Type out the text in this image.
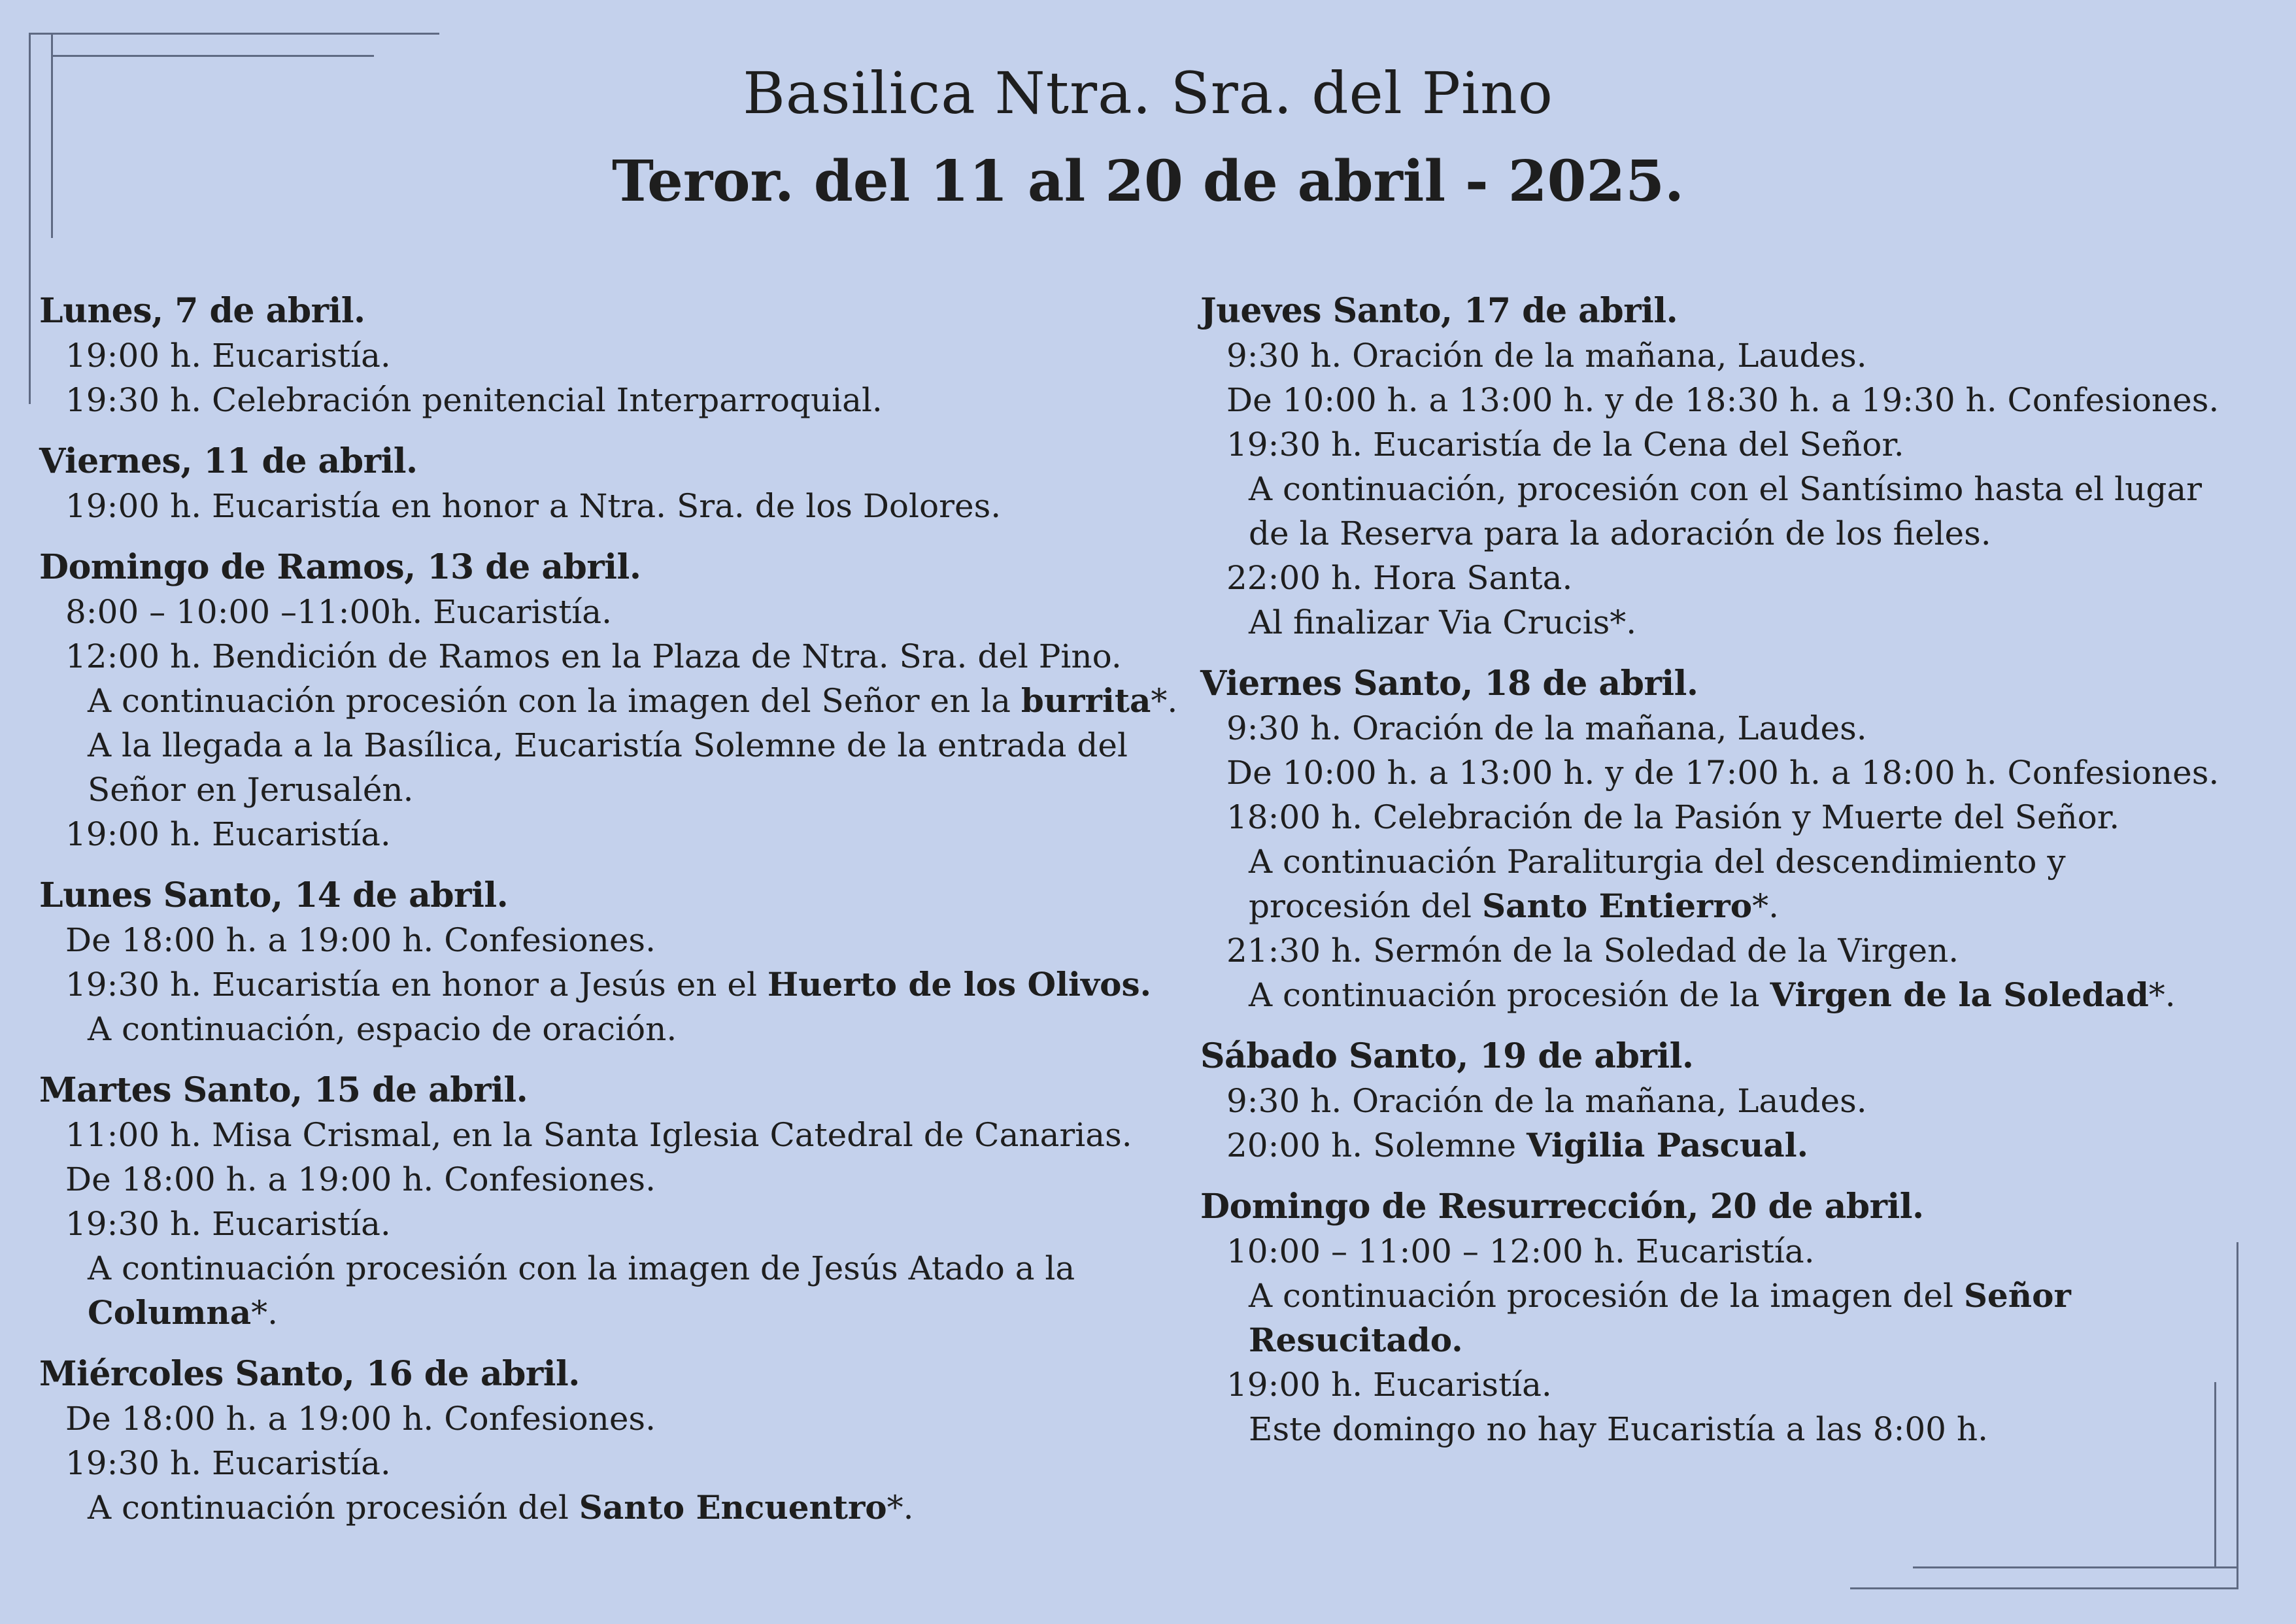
Basilica Ntra. Sra. del Pino
Teror. del 11 al 20 de abril - 2025.
Lunes, 7 de abril.
19:00 h. Eucaristía.
19:30 h. Celebración penitencial Interparroquial.
Viernes, 11 de abril.
19:00 h. Eucaristía en honor a Ntra. Sra. de los Dolores.
Domingo de Ramos, 13 de abril.
8:00 – 10:00 –11:00h. Eucaristía.
12:00 h. Bendición de Ramos en la Plaza de Ntra. Sra. del Pino.
A continuación procesión con la imagen del Señor en la burrita*.
A la llegada a la Basílica, Eucaristía Solemne de la entrada del
Señor en Jerusalén.
19:00 h. Eucaristía.
Lunes Santo, 14 de abril.
De 18:00 h. a 19:00 h. Confesiones.
19:30 h. Eucaristía en honor a Jesús en el Huerto de los Olivos.
A continuación, espacio de oración.
Martes Santo, 15 de abril.
11:00 h. Misa Crismal, en la Santa Iglesia Catedral de Canarias.
De 18:00 h. a 19:00 h. Confesiones.
19:30 h. Eucaristía.
A continuación procesión con la imagen de Jesús Atado a la
Columna*.
Miércoles Santo, 16 de abril.
De 18:00 h. a 19:00 h. Confesiones.
19:30 h. Eucaristía.
A continuación procesión del Santo Encuentro*.
Jueves Santo, 17 de abril.
9:30 h. Oración de la mañana, Laudes.
De 10:00 h. a 13:00 h. y de 18:30 h. a 19:30 h. Confesiones.
19:30 h. Eucaristía de la Cena del Señor.
A continuación, procesión con el Santísimo hasta el lugar
de la Reserva para la adoración de los fieles.
22:00 h. Hora Santa.
Al finalizar Via Crucis*.
Viernes Santo, 18 de abril.
9:30 h. Oración de la mañana, Laudes.
De 10:00 h. a 13:00 h. y de 17:00 h. a 18:00 h. Confesiones.
18:00 h. Celebración de la Pasión y Muerte del Señor.
A continuación Paraliturgia del descendimiento y
procesión del Santo Entierro*.
21:30 h. Sermón de la Soledad de la Virgen.
A continuación procesión de la Virgen de la Soledad*.
Sábado Santo, 19 de abril.
9:30 h. Oración de la mañana, Laudes.
20:00 h. Solemne Vigilia Pascual.
Domingo de Resurrección, 20 de abril.
10:00 – 11:00 – 12:00 h. Eucaristía.
A continuación procesión de la imagen del Señor
Resucitado.
19:00 h. Eucaristía.
Este domingo no hay Eucaristía a las 8:00 h.
